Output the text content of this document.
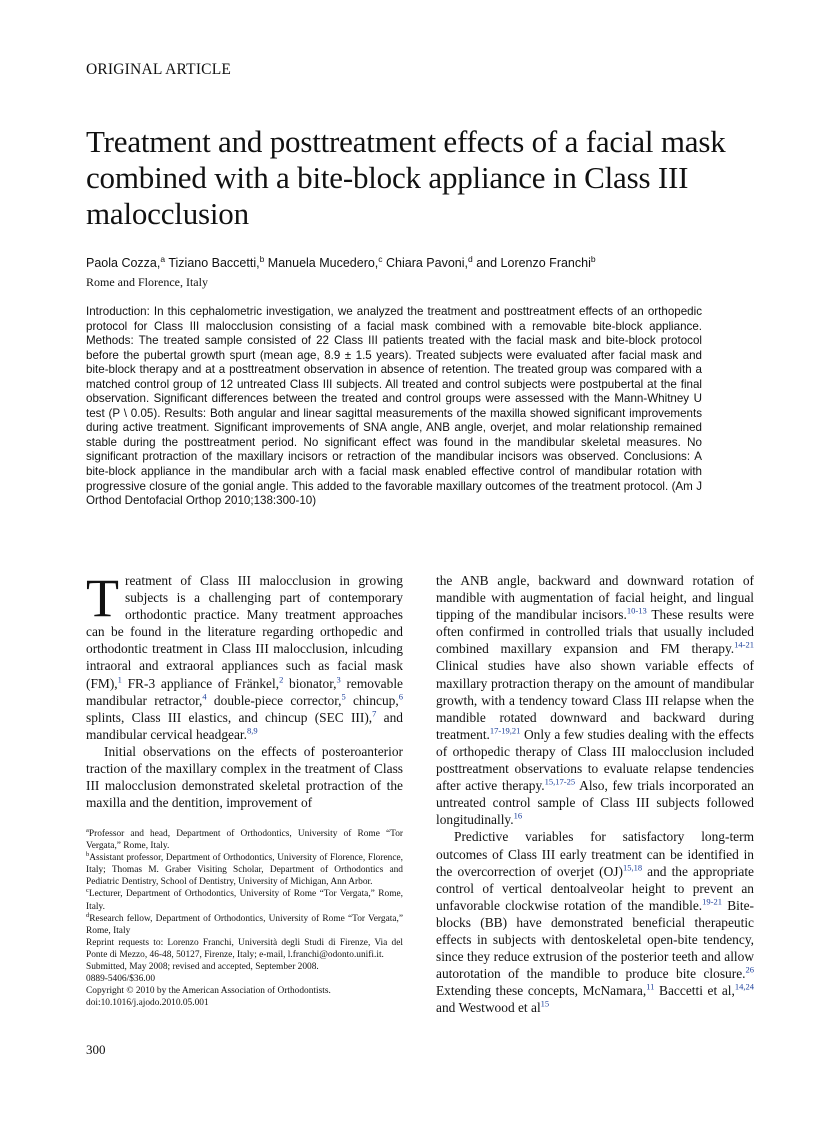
ORIGINAL ARTICLE
Treatment and posttreatment effects of a facial mask combined with a bite-block appliance in Class III malocclusion
Paola Cozza,$^a$ Tiziano Baccetti,$^b$ Manuela Mucedero,$^c$ Chiara Pavoni,$^d$ and Lorenzo Franchi$^b$
Rome and Florence, Italy
Introduction: In this cephalometric investigation, we analyzed the treatment and posttreatment effects of an orthopedic protocol for Class III malocclusion consisting of a facial mask combined with a removable bite-block appliance. Methods: The treated sample consisted of 22 Class III patients treated with the facial mask and bite-block protocol before the pubertal growth spurt (mean age, 8.9 ± 1.5 years). Treated subjects were evaluated after facial mask and bite-block therapy and at a posttreatment observation in absence of retention. The treated group was compared with a matched control group of 12 untreated Class III subjects. All treated and control subjects were postpubertal at the final observation. Significant differences between the treated and control groups were assessed with the Mann-Whitney U test (P \ 0.05). Results: Both angular and linear sagittal measurements of the maxilla showed significant improvements during active treatment. Significant improvements of SNA angle, ANB angle, overjet, and molar relationship remained stable during the posttreatment period. No significant effect was found in the mandibular skeletal measures. No significant protraction of the maxillary incisors or retraction of the mandibular incisors was observed. Conclusions: A bite-block appliance in the mandibular arch with a facial mask enabled effective control of mandibular rotation with progressive closure of the gonial angle. This added to the favorable maxillary outcomes of the treatment protocol. (Am J Orthod Dentofacial Orthop 2010;138:300-10)

Treatment of Class III malocclusion in growing subjects is a challenging part of contemporary orthodontic practice. Many treatment approaches can be found in the literature regarding orthopedic and orthodontic treatment in Class III malocclusion, inlcuding intraoral and extraoral appliances such as facial mask (FM),$^1$ FR-3 appliance of Fränkel,$^2$ bionator,$^3$ removable mandibular retractor,$^4$ double-piece corrector,$^5$ chincup,$^6$ splints, Class III elastics, and chincup (SEC III),$^7$ and mandibular cervical headgear.$^{8,9}$

Initial observations on the effects of posteroanterior traction of the maxillary complex in the treatment of Class III malocclusion demonstrated skeletal protraction of the maxilla and the dentition, improvement of

the ANB angle, backward and downward rotation of mandible with augmentation of facial height, and lingual tipping of the mandibular incisors.$^{10-13}$ These results were often confirmed in controlled trials that usually included combined maxillary expansion and FM therapy.$^{14-21}$ Clinical studies have also shown variable effects of maxillary protraction therapy on the amount of mandibular growth, with a tendency toward Class III relapse when the mandible rotated downward and backward during treatment.$^{17-19,21}$ Only a few studies dealing with the effects of orthopedic therapy of Class III malocclusion included posttreatment observations to evaluate relapse tendencies after active therapy.$^{15,17-25}$ Also, few trials incorporated an untreated control sample of Class III subjects followed longitudinally.$^{16}$

Predictive variables for satisfactory long-term outcomes of Class III early treatment can be identified in the overcorrection of overjet (OJ)$^{15,18}$ and the appropriate control of vertical dentoalveolar height to prevent an unfavorable clockwise rotation of the mandible.$^{19-21}$ Bite-blocks (BB) have demonstrated beneficial therapeutic effects in subjects with dentoskeletal open-bite tendency, since they reduce extrusion of the posterior teeth and allow autorotation of the mandible to produce bite closure.$^{26}$ Extending these concepts, McNamara,$^{11}$ Baccetti et al,$^{14,24}$ and Westwood et $al^{15}$

$^a$Professor and head, Department of Orthodontics, University of Rome “Tor Vergata,” Rome, Italy.

$^b$Assistant professor, Department of Orthodontics, University of Florence, Florence, Italy; Thomas M. Graber Visiting Scholar, Department of Orthodontics and Pediatric Dentistry, School of Dentistry, University of Michigan, Ann Arbor.

$^c$Lecturer, Department of Orthodontics, University of Rome “Tor Vergata,” Rome, Italy.

$^d$Research fellow, Department of Orthodontics, University of Rome “Tor Vergata,” Rome, Italy

Reprint requests to: Lorenzo Franchi, Università degli Studi di Firenze, Via del Ponte di Mezzo, 46-48, 50127, Firenze, Italy; e-mail, l.franchi@odonto.unifi.it.

Submitted, May 2008; revised and accepted, September 2008.

0889-5406/$36.00

Copyright © 2010 by the American Association of Orthodontists.

doi:10.1016/j.ajodo.2010.05.001

300
